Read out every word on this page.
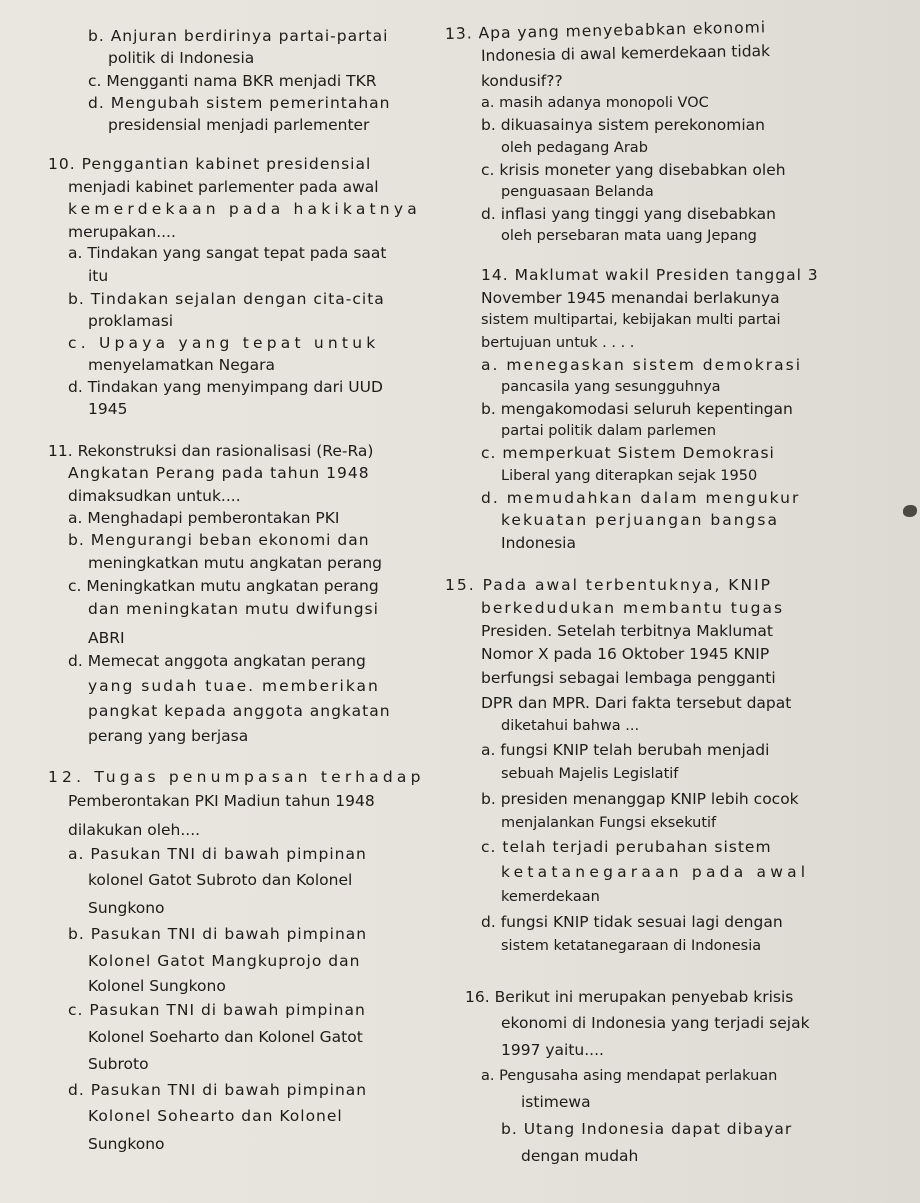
b. Anjuran berdirinya partai-partai
politik di Indonesia
c. Mengganti nama BKR menjadi TKR
d. Mengubah sistem pemerintahan
presidensial menjadi parlementer
10. Penggantian kabinet presidensial
menjadi kabinet parlementer pada awal
kemerdekaan pada hakikatnya
merupakan....
a. Tindakan yang sangat tepat pada saat
itu
b. Tindakan sejalan dengan cita-cita
proklamasi
c. Upaya yang tepat untuk
menyelamatkan Negara
d. Tindakan yang menyimpang dari UUD
1945
11. Rekonstruksi dan rasionalisasi (Re-Ra)
Angkatan Perang pada tahun 1948
dimaksudkan untuk....
a. Menghadapi pemberontakan PKI
b. Mengurangi beban ekonomi dan
meningkatkan mutu angkatan perang
c. Meningkatkan mutu angkatan perang
dan meningkatan mutu dwifungsi
ABRI
d. Memecat anggota angkatan perang
yang sudah tuae. memberikan
pangkat kepada anggota angkatan
perang yang berjasa
12. Tugas penumpasan terhadap
Pemberontakan PKI Madiun tahun 1948
dilakukan oleh....
a. Pasukan TNI di bawah pimpinan
kolonel Gatot Subroto dan Kolonel
Sungkono
b. Pasukan TNI di bawah pimpinan
Kolonel Gatot Mangkuprojo dan
Kolonel Sungkono
c. Pasukan TNI di bawah pimpinan
Kolonel Soeharto dan Kolonel Gatot
Subroto
d. Pasukan TNI di bawah pimpinan
Kolonel Sohearto dan Kolonel
Sungkono
13. Apa yang menyebabkan ekonomi
Indonesia di awal kemerdekaan tidak
kondusif??
a. masih adanya monopoli VOC
b. dikuasainya sistem perekonomian
oleh pedagang Arab
c. krisis moneter yang disebabkan oleh
penguasaan Belanda
d. inflasi yang tinggi yang disebabkan
oleh persebaran mata uang Jepang
14. Maklumat wakil Presiden tanggal 3
November 1945 menandai berlakunya
sistem multipartai, kebijakan multi partai
bertujuan untuk . . . .
a. menegaskan sistem demokrasi
pancasila yang sesungguhnya
b. mengakomodasi seluruh kepentingan
partai politik dalam parlemen
c. memperkuat Sistem Demokrasi
Liberal yang diterapkan sejak 1950
d. memudahkan dalam mengukur
kekuatan perjuangan bangsa
Indonesia
15. Pada awal terbentuknya, KNIP
berkedudukan membantu tugas
Presiden. Setelah terbitnya Maklumat
Nomor X pada 16 Oktober 1945 KNIP
berfungsi sebagai lembaga pengganti
DPR dan MPR. Dari fakta tersebut dapat
diketahui bahwa ...
a. fungsi KNIP telah berubah menjadi
sebuah Majelis Legislatif
b. presiden menanggap KNIP lebih cocok
menjalankan Fungsi eksekutif
c. telah terjadi perubahan sistem
ketatanegaraan pada awal
kemerdekaan
d. fungsi KNIP tidak sesuai lagi dengan
sistem ketatanegaraan di Indonesia
16. Berikut ini merupakan penyebab krisis
ekonomi di Indonesia yang terjadi sejak
1997 yaitu....
a. Pengusaha asing mendapat perlakuan
istimewa
b. Utang Indonesia dapat dibayar
dengan mudah
